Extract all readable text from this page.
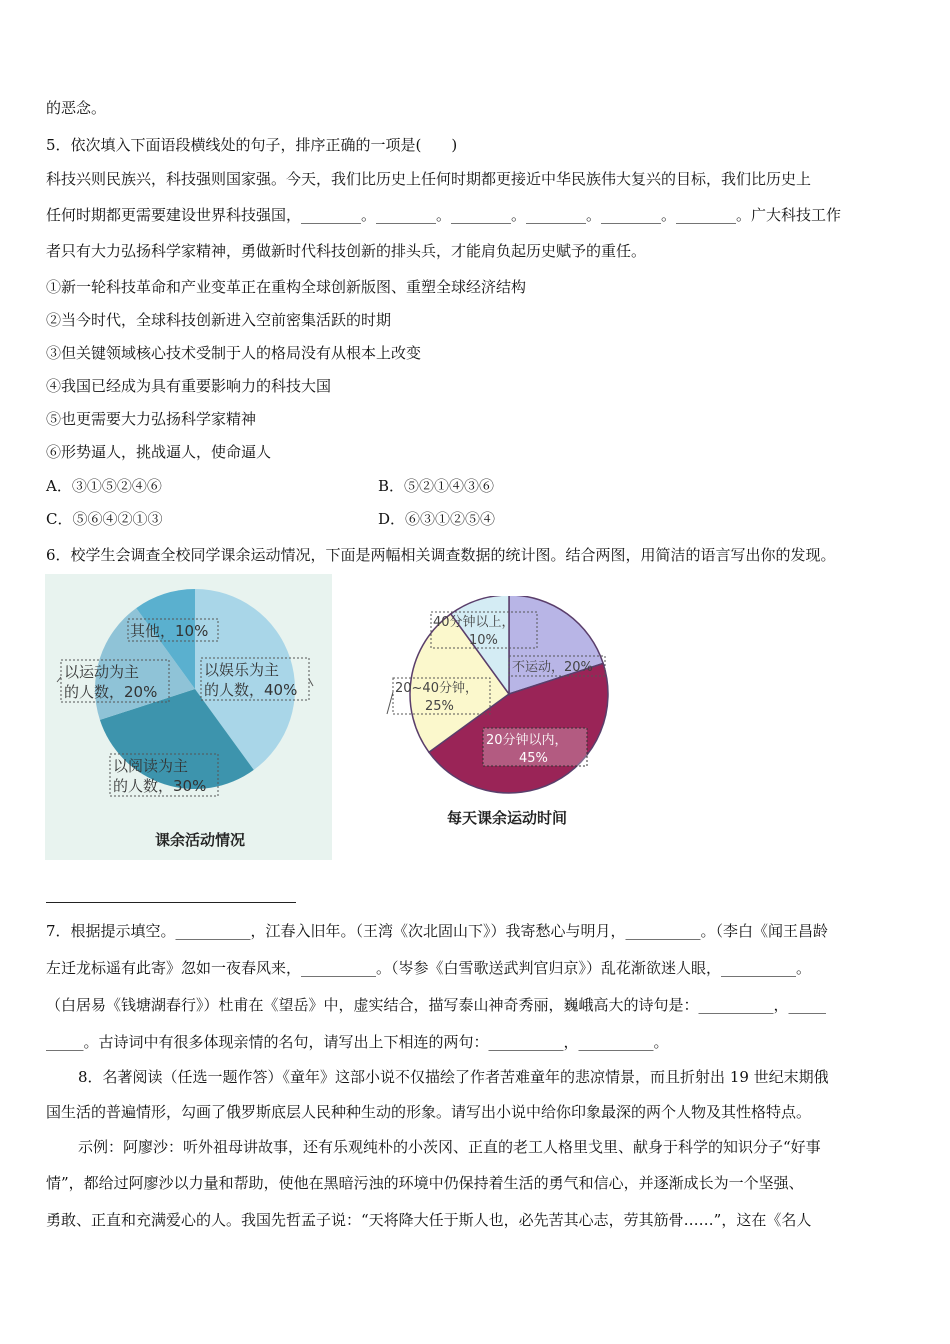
的恶念。
5．依次填入下面语段横线处的句子，排序正确的一项是(　　)
科技兴则民族兴，科技强则国家强。今天，我们比历史上任何时期都更接近中华民族伟大复兴的目标，我们比历史上
任何时期都更需要建设世界科技强国，________。________。________。________。________。________。广大科技工作
者只有大力弘扬科学家精神，勇做新时代科技创新的排头兵，才能肩负起历史赋予的重任。
①新一轮科技革命和产业变革正在重构全球创新版图、重塑全球经济结构
②当今时代，全球科技创新进入空前密集活跃的时期
③但关键领域核心技术受制于人的格局没有从根本上改变
④我国已经成为具有重要影响力的科技大国
⑤也更需要大力弘扬科学家精神
⑥形势逼人，挑战逼人，使命逼人
A．③①⑤②④⑥	B．⑤②①④③⑥
C．⑤⑥④②①③	D．⑥③①②⑤④
6．校学生会调查全校同学课余运动情况，下面是两幅相关调查数据的统计图。结合两图，用简洁的语言写出你的发现。
其他，10%
以娱乐为主
的人数，40%
以运动为主
的人数，20%
以阅读为主
的人数，30%
课余活动情况
40分钟以上，
10%
不运动，20%
20~40分钟，
25%
20分钟以内，
45%
每天课余运动时间
7．根据提示填空。__________，江春入旧年。（王湾《次北固山下》）我寄愁心与明月，__________。（李白《闻王昌龄
左迁龙标遥有此寄》忽如一夜春风来，__________。（岑参《白雪歌送武判官归京》）乱花渐欲迷人眼，__________。
（白居易《钱塘湖春行》）杜甫在《望岳》中，虚实结合，描写泰山神奇秀丽，巍峨高大的诗句是：__________，_____
_____。古诗词中有很多体现亲情的名句，请写出上下相连的两句：__________，__________。
8．名著阅读（任选一题作答）《童年》这部小说不仅描绘了作者苦难童年的悲凉情景，而且折射出 19 世纪末期俄
国生活的普遍情形，勾画了俄罗斯底层人民种种生动的形象。请写出小说中给你印象最深的两个人物及其性格特点。
示例：阿廖沙：听外祖母讲故事，还有乐观纯朴的小茨冈、正直的老工人格里戈里、献身于科学的知识分子“好事
情”，都给过阿廖沙以力量和帮助，使他在黑暗污浊的环境中仍保持着生活的勇气和信心，并逐渐成长为一个坚强、
勇敢、正直和充满爱心的人。我国先哲孟子说：“天将降大任于斯人也，必先苦其心志，劳其筋骨……”，这在《名人
